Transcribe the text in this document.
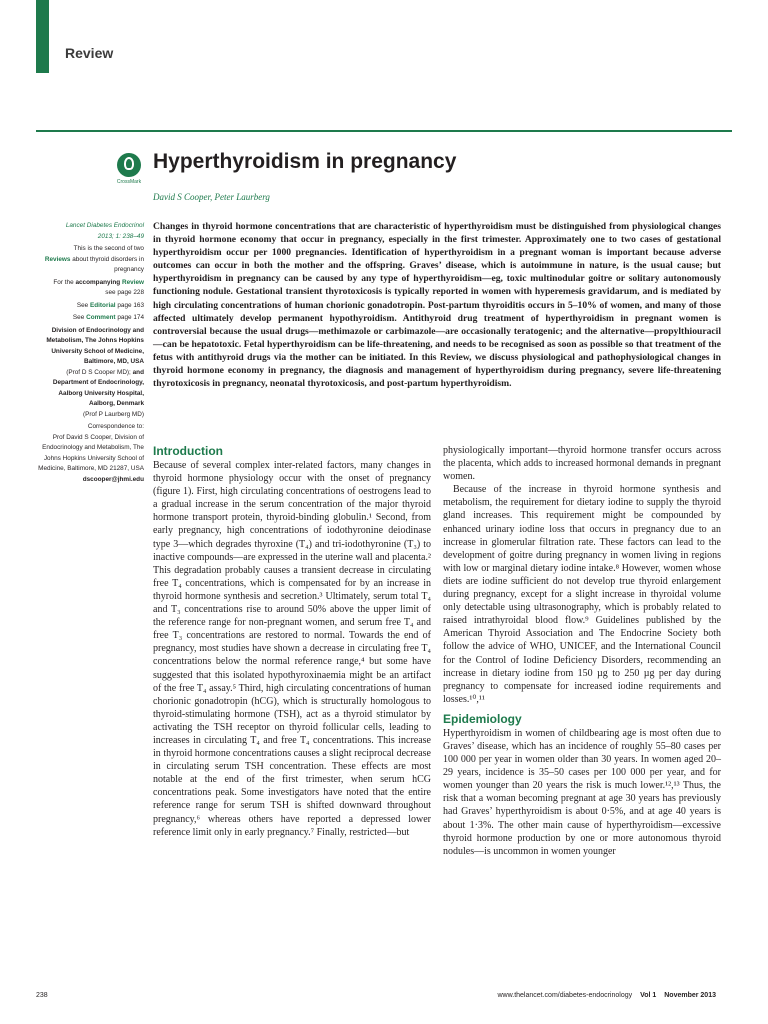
Review
CrossMark
Hyperthyroidism in pregnancy
David S Cooper, Peter Laurberg
Lancet Diabetes Endocrinol
2013; 1: 238–49
This is the second of two
Reviews about thyroid disorders in pregnancy
For the accompanying Review
see page 228
See Editorial page 163
See Comment page 174
Division of Endocrinology and Metabolism, The Johns Hopkins University School of Medicine, Baltimore, MD, USA
(Prof D S Cooper MD); and
Department of Endocrinology, Aalborg University Hospital, Aalborg, Denmark
(Prof P Laurberg MD)
Correspondence to:
Prof David S Cooper, Division of Endocrinology and Metabolism, The Johns Hopkins University School of Medicine, Baltimore, MD 21287, USA
dscooper@jhmi.edu

Changes in thyroid hormone concentrations that are characteristic of hyperthyroidism must be distinguished from physiological changes in thyroid hormone economy that occur in pregnancy, especially in the first trimester. Approximately one to two cases of gestational hyperthyroidism occur per 1000 pregnancies. Identification of hyperthyroidism in a pregnant woman is important because adverse outcomes can occur in both the mother and the offspring. Graves’ disease, which is autoimmune in nature, is the usual cause; but hyperthyroidism in pregnancy can be caused by any type of hyperthyroidism—eg, toxic multinodular goitre or solitary autonomously functioning nodule. Gestational transient thyrotoxicosis is typically reported in women with hyperemesis gravidarum, and is mediated by high circulating concentrations of human chorionic gonadotropin. Post-partum thyroiditis occurs in 5–10% of women, and many of those affected ultimately develop permanent hypothyroidism. Antithyroid drug treatment of hyperthyroidism in pregnant women is controversial because the usual drugs—methimazole or carbimazole—are occasionally teratogenic; and the alternative—propylthiouracil—can be hepatotoxic. Fetal hyperthyroidism can be life-threatening, and needs to be recognised as soon as possible so that treatment of the fetus with antithyroid drugs via the mother can be initiated. In this Review, we discuss physiological and pathophysiological changes in thyroid hormone economy in pregnancy, the diagnosis and management of hyperthyroidism during pregnancy, severe life-threatening thyrotoxicosis in pregnancy, neonatal thyrotoxicosis, and post-partum hyperthyroidism.

Introduction

Because of several complex inter-related factors, many changes in thyroid hormone physiology occur with the onset of pregnancy (figure 1). First, high circulating concentrations of oestrogens lead to a gradual increase in the serum concentration of the major thyroid hormone transport protein, thyroid-binding globulin.¹ Second, from early pregnancy, high concentrations of iodothyronine deiodinase type 3—which degrades thyroxine (T₄) and tri-iodothyronine (T₃) to inactive compounds—are expressed in the uterine wall and placenta.² This degradation probably causes a transient decrease in circulating free T₄ concentrations, which is compensated for by an increase in thyroid hormone synthesis and secretion.³ Ultimately, serum total T₄ and T₃ concentrations rise to around 50% above the upper limit of the reference range for non-pregnant women, and serum free T₄ and free T₃ concentrations are restored to normal. Towards the end of pregnancy, most studies have shown a decrease in circulating free T₄ concentrations below the normal reference range,⁴ but some have suggested that this isolated hypothyroxinaemia might be an artifact of the free T₄ assay.⁵ Third, high circulating concentrations of human chorionic gonadotropin (hCG), which is structurally homologous to thyroid-stimulating hormone (TSH), act as a thyroid stimulator by activating the TSH receptor on thyroid follicular cells, leading to increases in circulating T₄ and free T₄ concentrations. This increase in thyroid hormone concentrations causes a slight reciprocal decrease in circulating serum TSH concentration. These effects are most notable at the end of the first trimester, when serum hCG concentrations peak. Some investigators have noted that the entire reference range for serum TSH is shifted downward throughout pregnancy,⁶ whereas others have reported a depressed lower reference limit only in early pregnancy.⁷ Finally, restricted—but

physiologically important—thyroid hormone transfer occurs across the placenta, which adds to increased hormonal demands in pregnant women.

Because of the increase in thyroid hormone synthesis and metabolism, the requirement for dietary iodine to supply the thyroid gland increases. This requirement might be compounded by enhanced urinary iodine loss that occurs in pregnancy due to an increase in glomerular filtration rate. These factors can lead to the development of goitre during pregnancy in women living in regions with low or marginal dietary iodine intake.⁸ However, women whose diets are iodine sufficient do not develop true thyroid enlargement during pregnancy, except for a slight increase in thyroidal volume only detectable using ultrasonography, which is probably related to raised intrathyroidal blood flow.⁹ Guidelines published by the American Thyroid Association and The Endocrine Society both follow the advice of WHO, UNICEF, and the International Council for the Control of Iodine Deficiency Disorders, recommending an increase in dietary iodine from 150 µg to 250 µg per day during pregnancy to compensate for increased iodine requirements and losses.¹⁰,¹¹

Epidemiology

Hyperthyroidism in women of childbearing age is most often due to Graves’ disease, which has an incidence of roughly 55–80 cases per 100 000 per year in women older than 30 years. In women aged 20–29 years, incidence is 35–50 cases per 100 000 per year, and for women younger than 20 years the risk is much lower.¹²,¹³ Thus, the risk that a woman becoming pregnant at age 30 years has previously had Graves’ hyperthyroidism is about 0·5%, and at age 40 years is about 1·3%. The other main cause of hyperthyroidism—excessive thyroid hormone production by one or more autonomous thyroid nodules—is uncommon in women younger

238	www.thelancet.com/diabetes-endocrinology Vol 1 November 2013
